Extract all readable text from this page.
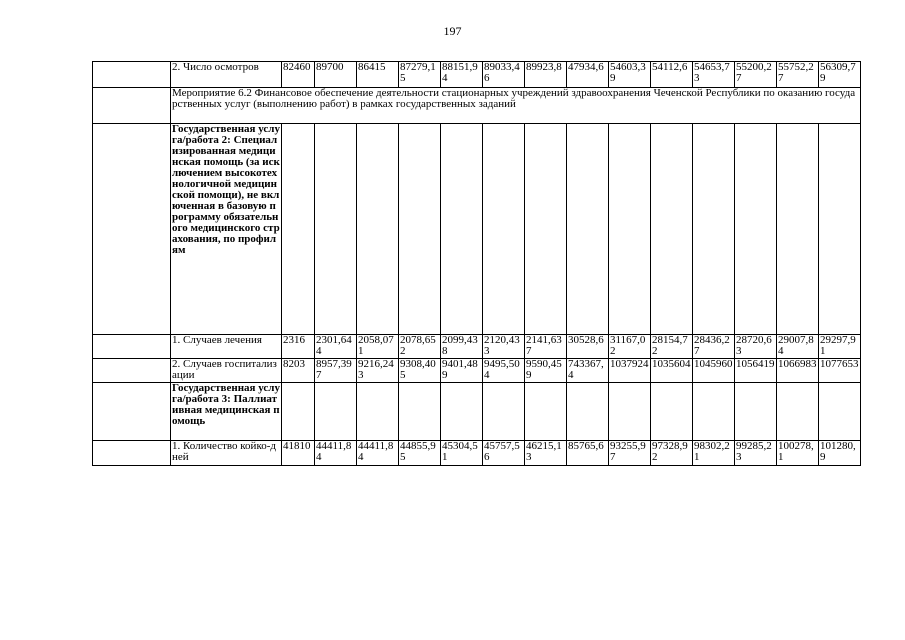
197
	2. Число осмотров	82460	89700	86415	87279,15	88151,94	89033,46	89923,8	47934,6	54603,39	54112,6	54653,73	55200,27	55752,27	56309,79
	Мероприятие 6.2 Финансовое обеспечение деятельности стационарных учреждений здравоохранения Чеченской Республики по оказанию государственных услуг (выполнению работ) в рамках государственных заданий														
	Государственная услуга/работа 2: Специализированная медицинская помощь (за исключением высокотехнологичной медицинской помощи), не включенная в базовую программу обязательного медицинского страхования, по профилям														
	1. Случаев лечения	2316	2301,644	2058,071	2078,652	2099,438	2120,433	2141,637	30528,6	31167,02	28154,72	28436,27	28720,63	29007,84	29297,91
	2. Случаев госпитализации	8203	8957,397	9216,243	9308,405	9401,489	9495,504	9590,459	743367,4	1037924	1035604	1045960	1056419	1066983	1077653
	Государственная услуга/работа 3: Паллиативная медицинская помощь														
	1. Количество койко-дней	41810	44411,84	44411,84	44855,95	45304,51	45757,56	46215,13	85765,6	93255,97	97328,92	98302,21	99285,23	100278,1	101280,9
